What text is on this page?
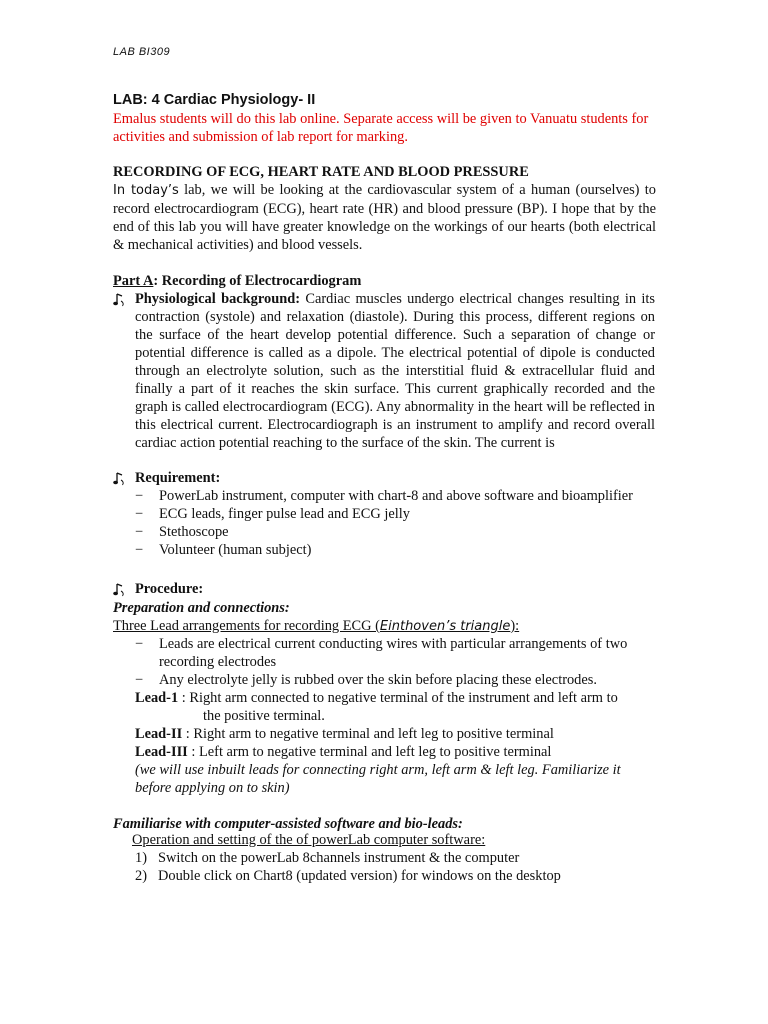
LAB BI309
LAB: 4 Cardiac Physiology- II
Emalus students will do this lab online. Separate access will be given to Vanuatu students for activities and submission of lab report for marking.
RECORDING OF ECG, HEART RATE AND BLOOD PRESSURE
In today’s lab, we will be looking at the cardiovascular system of a human (ourselves) to record electrocardiogram (ECG), heart rate (HR) and blood pressure (BP). I hope that by the end of this lab you will have greater knowledge on the workings of our hearts (both electrical & mechanical activities) and blood vessels.
Part A: Recording of Electrocardiogram
Physiological background: Cardiac muscles undergo electrical changes resulting in its contraction (systole) and relaxation (diastole). During this process, different regions on the surface of the heart develop potential difference. Such a separation of change or potential difference is called as a dipole. The electrical potential of dipole is conducted through an electrolyte solution, such as the interstitial fluid & extracellular fluid and finally a part of it reaches the skin surface. This current graphically recorded and the graph is called electrocardiogram (ECG). Any abnormality in the heart will be reflected in this electrical current. Electrocardiograph is an instrument to amplify and record overall cardiac action potential reaching to the surface of the skin. The current is
Requirement:
−	PowerLab instrument, computer with chart-8 and above software and bioamplifier
−	ECG leads, finger pulse lead and ECG jelly
−	Stethoscope
−	Volunteer (human subject)
Procedure:
Preparation and connections:
Three Lead arrangements for recording ECG (Einthoven’s triangle):
−	Leads are electrical current conducting wires with particular arrangements of two recording electrodes
−	Any electrolyte jelly is rubbed over the skin before placing these electrodes.
Lead-1 : Right arm connected to negative terminal of the instrument and left arm to
the positive terminal.
Lead-II : Right arm to negative terminal and left leg to positive terminal
Lead-III : Left arm to negative terminal and left leg to positive terminal
(we will use inbuilt leads for connecting right arm, left arm & left leg. Familiarize it before applying on to skin)
Familiarise with computer-assisted software and bio-leads:
Operation and setting of the of powerLab computer software:
1) Switch on the powerLab 8channels instrument & the computer
2) Double click on Chart8 (updated version) for windows on the desktop
